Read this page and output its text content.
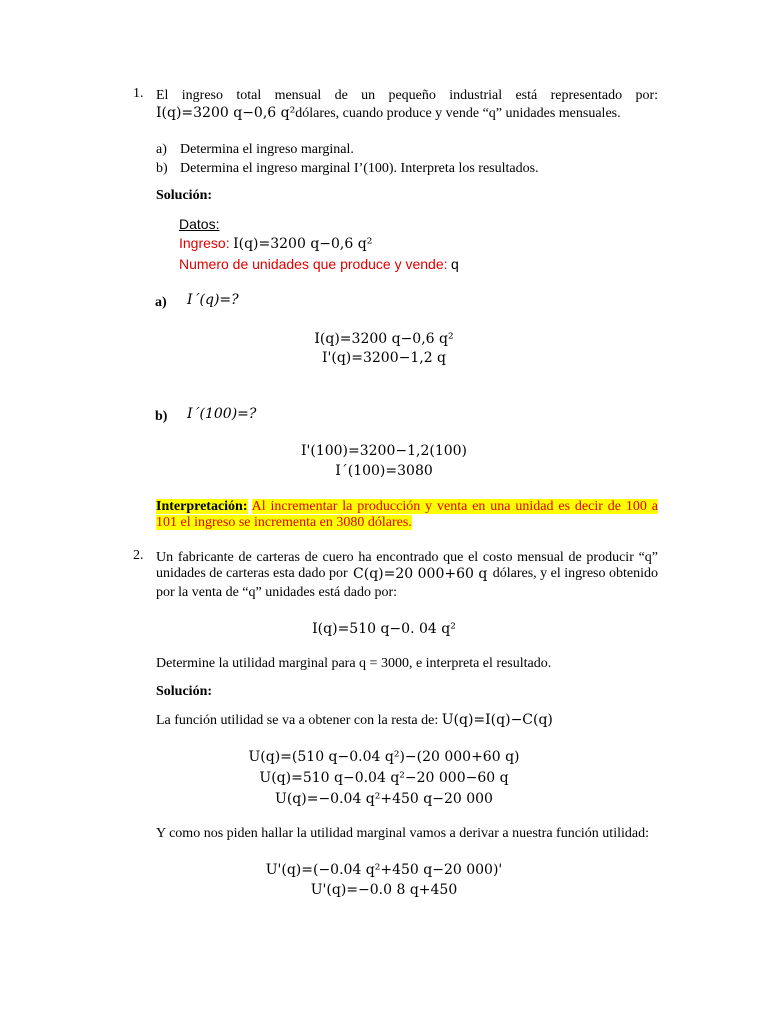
1. El ingreso total mensual de un pequeño industrial está representado por:
I(q)=3200 q−0,6 q²dólares, cuando produce y vende “q” unidades mensuales.
a) Determina el ingreso marginal.
b) Determina el ingreso marginal I’(100). Interpreta los resultados.
Solución:
Datos:
Ingreso: I(q)=3200 q−0,6 q²
Numero de unidades que produce y vende: q
a) I´(q)=?
I(q)=3200 q−0,6 q²
I'(q)=3200−1,2 q
b) I´(100)=?
I'(100)=3200−1,2(100)
I´(100)=3080
Interpretación: Al incrementar la producción y venta en una unidad es decir de 100 a 101 el ingreso se incrementa en 3080 dólares.
2. Un fabricante de carteras de cuero ha encontrado que el costo mensual de producir “q”
unidades de carteras esta dado por C(q)=20 000+60 q dólares, y el ingreso obtenido
por la venta de “q” unidades está dado por:
I(q)=510 q−0. 04 q²
Determine la utilidad marginal para q = 3000, e interpreta el resultado.
Solución:
La función utilidad se va a obtener con la resta de: U(q)=I(q)−C(q)
U(q)=(510 q−0.04 q²)−(20 000+60 q)
U(q)=510 q−0.04 q²−20 000−60 q
U(q)=−0.04 q²+450 q−20 000
Y como nos piden hallar la utilidad marginal vamos a derivar a nuestra función utilidad:
U'(q)=(−0.04 q²+450 q−20 000)'
U'(q)=−0.0 8 q+450
